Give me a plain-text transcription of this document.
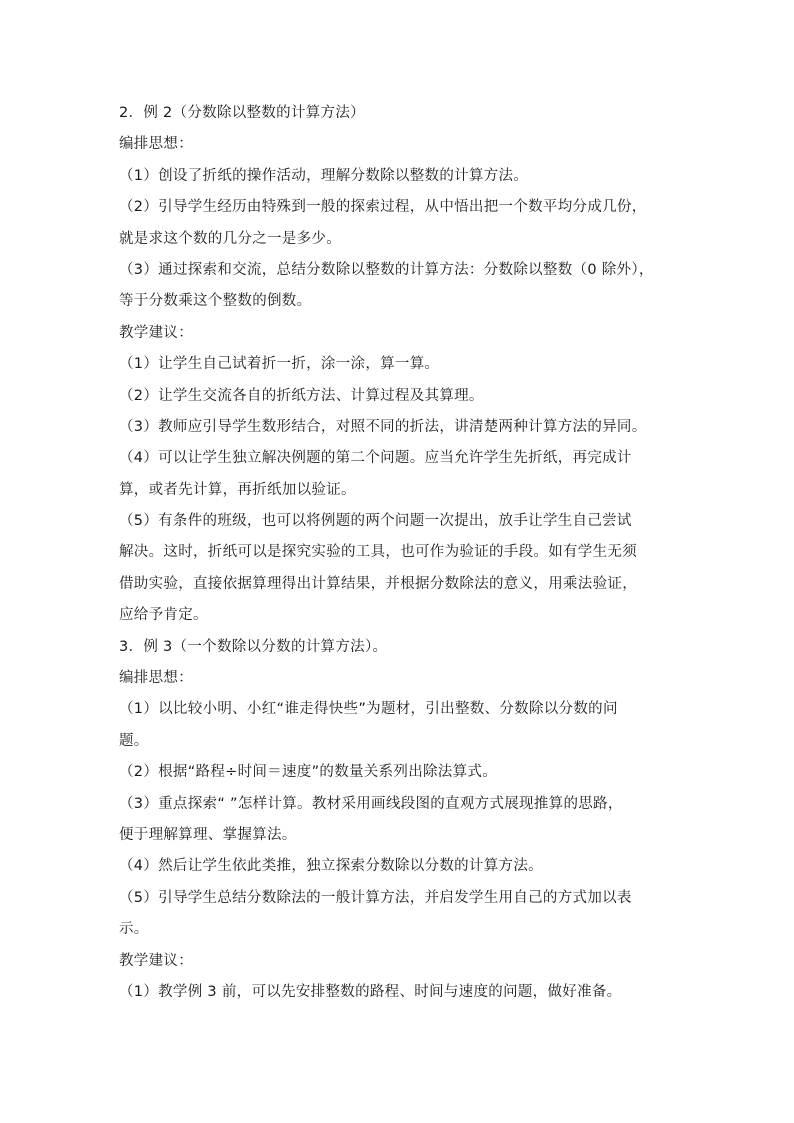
2．例 2（分数除以整数的计算方法）
编排思想：
（1）创设了折纸的操作活动，理解分数除以整数的计算方法。
（2）引导学生经历由特殊到一般的探索过程，从中悟出把一个数平均分成几份，
就是求这个数的几分之一是多少。
（3）通过探索和交流，总结分数除以整数的计算方法：分数除以整数（0 除外），
等于分数乘这个整数的倒数。
教学建议：
（1）让学生自己试着折一折，涂一涂，算一算。
（2）让学生交流各自的折纸方法、计算过程及其算理。
（3）教师应引导学生数形结合，对照不同的折法，讲清楚两种计算方法的异同。
（4）可以让学生独立解决例题的第二个问题。应当允许学生先折纸，再完成计
算，或者先计算，再折纸加以验证。
（5）有条件的班级，也可以将例题的两个问题一次提出，放手让学生自己尝试
解决。这时，折纸可以是探究实验的工具，也可作为验证的手段。如有学生无须
借助实验，直接依据算理得出计算结果，并根据分数除法的意义，用乘法验证，
应给予肯定。
3．例 3（一个数除以分数的计算方法）。
编排思想：
（1）以比较小明、小红“谁走得快些”为题材，引出整数、分数除以分数的问
题。
（2）根据“路程÷时间＝速度”的数量关系列出除法算式。
（3）重点探索“ ”怎样计算。教材采用画线段图的直观方式展现推算的思路，
便于理解算理、掌握算法。
（4）然后让学生依此类推，独立探索分数除以分数的计算方法。
（5）引导学生总结分数除法的一般计算方法，并启发学生用自己的方式加以表
示。
教学建议：
（1）教学例 3 前，可以先安排整数的路程、时间与速度的问题，做好准备。
